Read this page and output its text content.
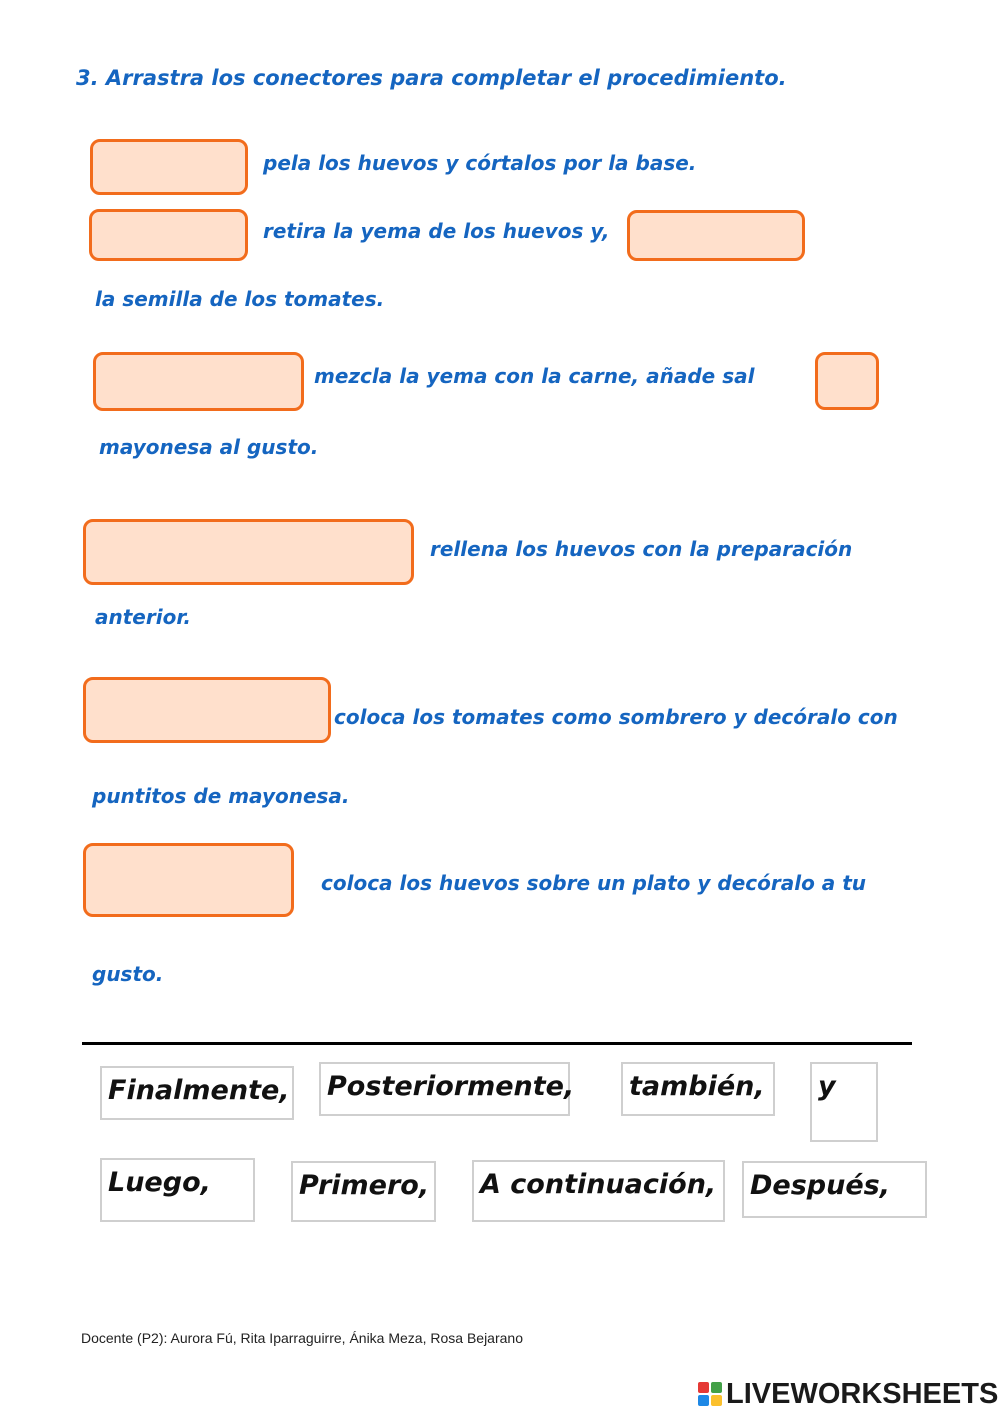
3. Arrastra los conectores para completar el procedimiento.
pela los huevos y córtalos por la base.
retira la yema de los huevos y,
la semilla de los tomates.
mezcla la yema con la carne, añade sal
mayonesa al gusto.
rellena los huevos con la preparación
anterior.
coloca los tomates como sombrero y decóralo con
puntitos de mayonesa.
coloca los huevos sobre un plato y decóralo a tu
gusto.
Finalmente, Posteriormente, también,	y
Luego,	Primero, A continuación,	Después,
Docente (P2): Aurora Fú, Rita Iparraguirre, Ánika Meza, Rosa Bejarano
LIVEWORKSHEETS
